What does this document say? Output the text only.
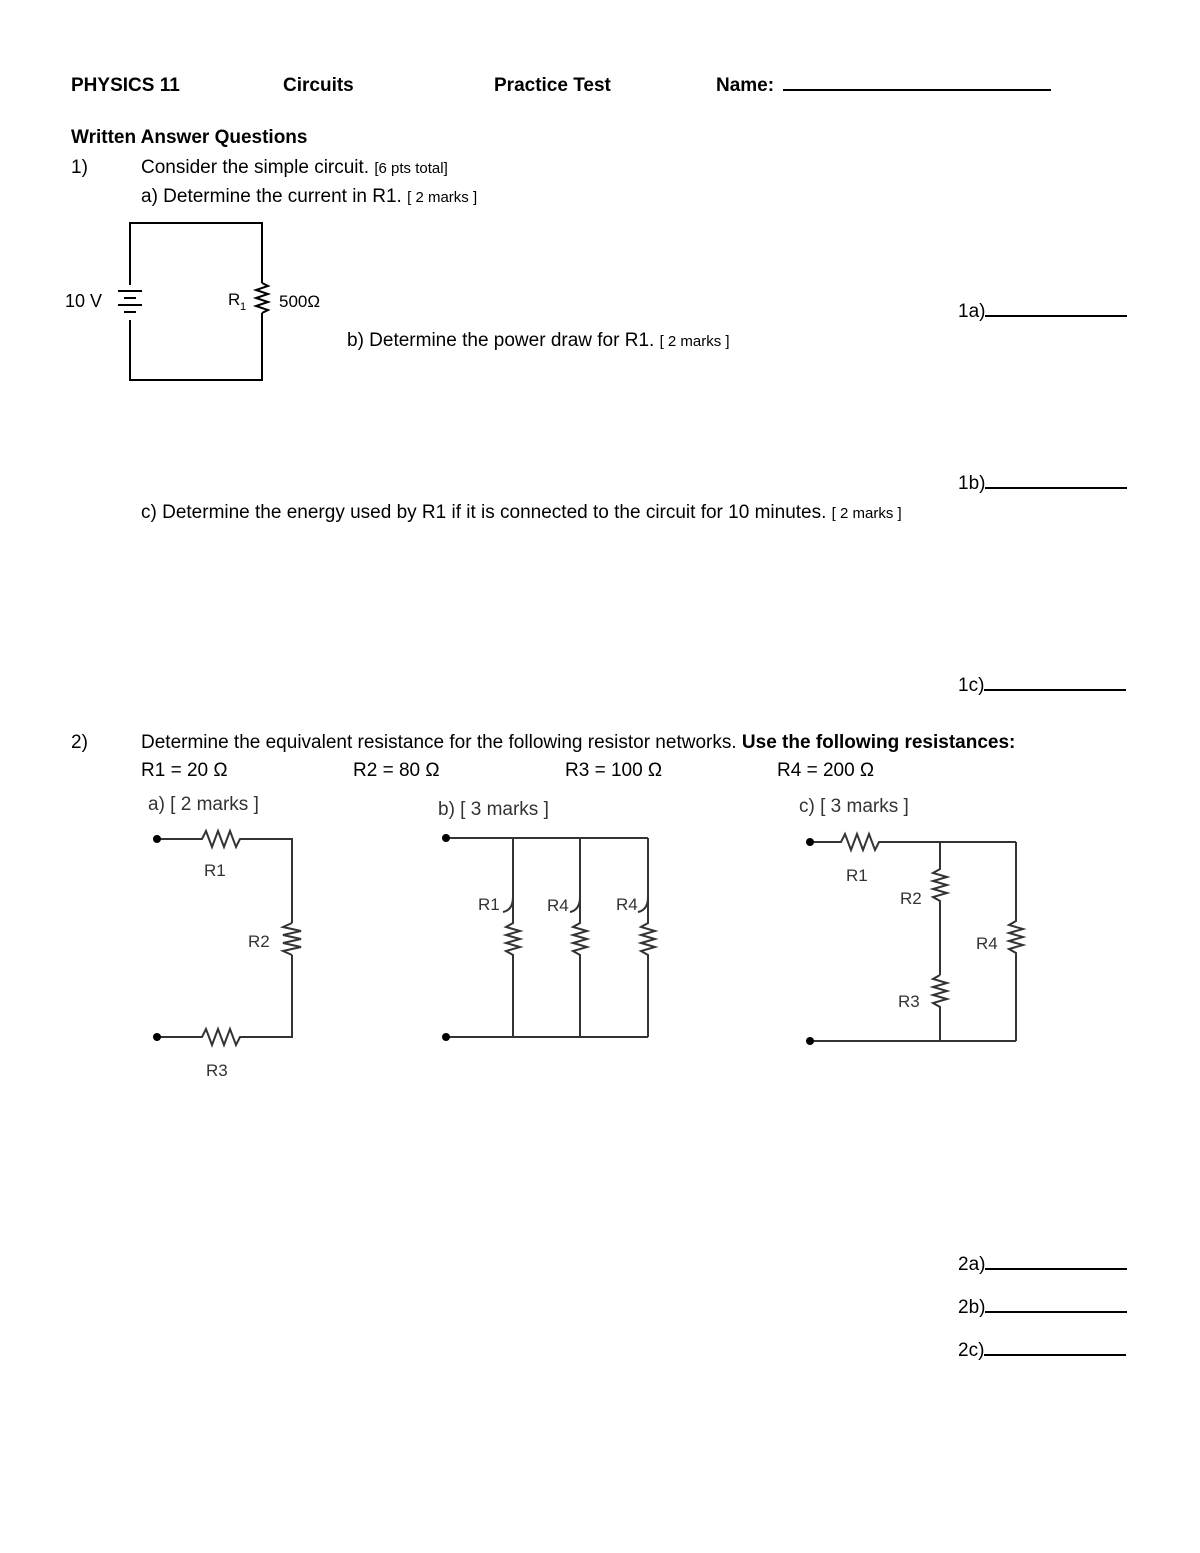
PHYSICS 11	Circuits	Practice Test	Name:
Written Answer Questions
1)	Consider the simple circuit. [6 pts total]
a) Determine the current in R1. [ 2 marks ]
10 V	R 1 500Ω
b) Determine the power draw for R1. [ 2 marks ]
1a)
1b)
c) Determine the energy used by R1 if it is connected to the circuit for 10 minutes. [ 2 marks ]
1c)
2)	Determine the equivalent resistance for the following resistor networks. Use the following resistances:
R1 = 20 Ω	R2 = 80 Ω	R3 = 100 Ω	R4 = 200 Ω
a) [ 2 marks ]
R1
R2
R3
b) [ 3 marks ]
R1	R4	R4
c) [ 3 marks ]
R1
R2
R3
R4
2a)
2b)
2c)
